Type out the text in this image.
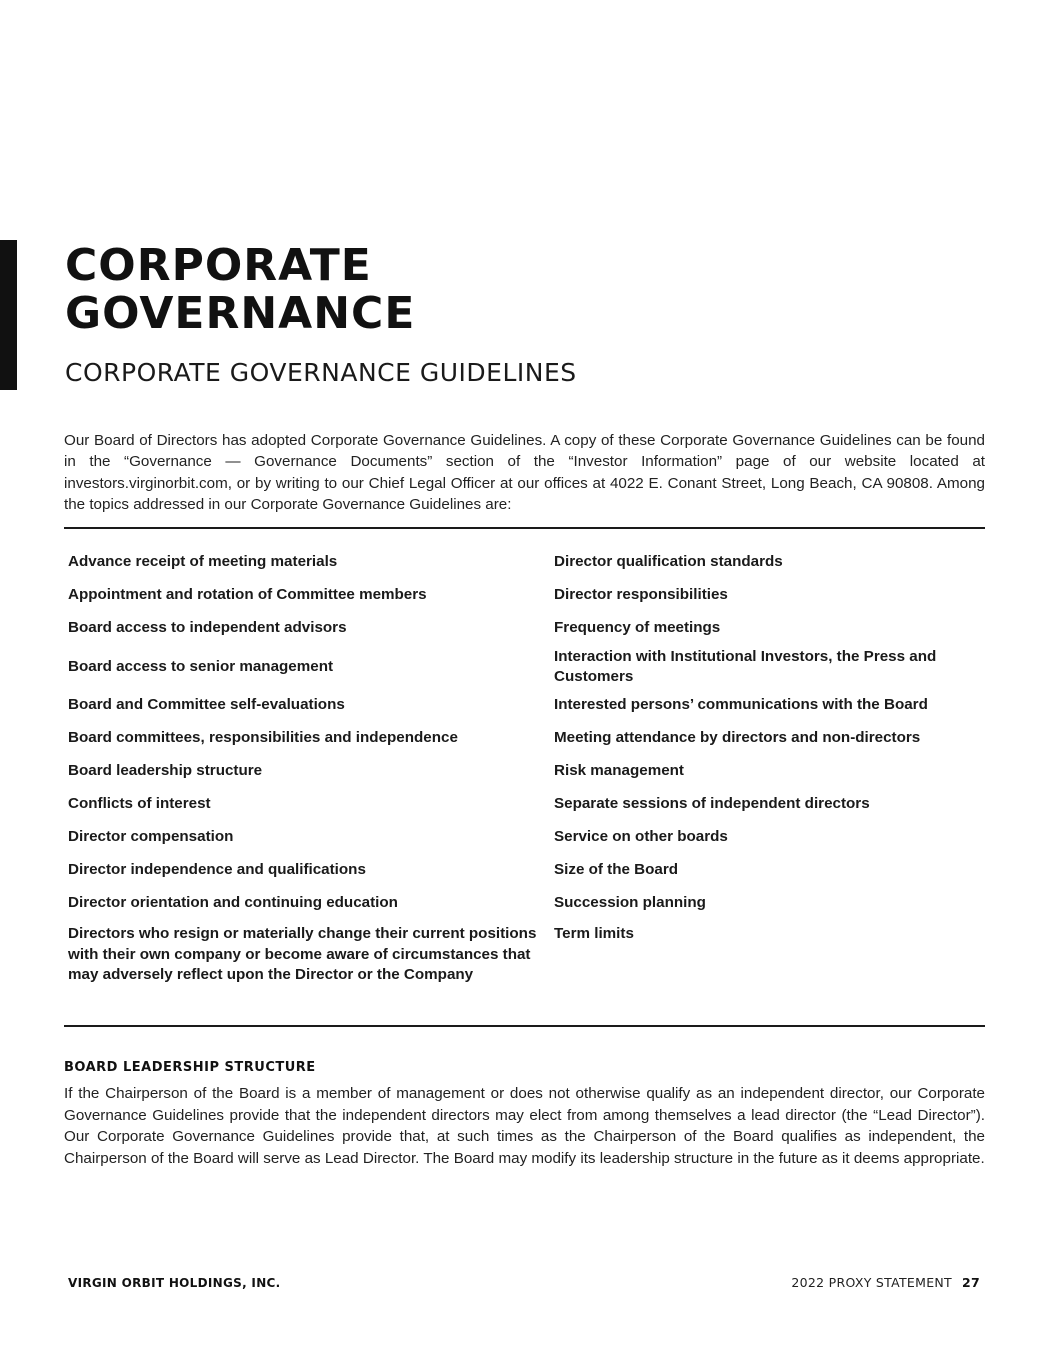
CORPORATE
GOVERNANCE
CORPORATE GOVERNANCE GUIDELINES

Our Board of Directors has adopted Corporate Governance Guidelines. A copy of these Corporate Governance Guidelines can be found in the “Governance — Governance Documents” section of the “Investor Information” page of our website located at investors.virginorbit.com, or by writing to our Chief Legal Officer at our offices at 4022 E. Conant Street, Long Beach, CA 90808. Among the topics addressed in our Corporate Governance Guidelines are:

Advance receipt of meeting materials	Director qualification standards
Appointment and rotation of Committee members	Director responsibilities
Board access to independent advisors	Frequency of meetings
Board access to senior management	Interaction with Institutional Investors, the Press and Customers
Board and Committee self-evaluations	Interested persons’ communications with the Board
Board committees, responsibilities and independence	Meeting attendance by directors and non-directors
Board leadership structure	Risk management
Conflicts of interest	Separate sessions of independent directors
Director compensation	Service on other boards
Director independence and qualifications	Size of the Board
Director orientation and continuing education	Succession planning
Directors who resign or materially change their current positions with their own company or become aware of circumstances that may adversely reflect upon the Director or the Company	Term limits
BOARD LEADERSHIP STRUCTURE

If the Chairperson of the Board is a member of management or does not otherwise qualify as an independent director, our Corporate Governance Guidelines provide that the independent directors may elect from among themselves a lead director (the “Lead Director”). Our Corporate Governance Guidelines provide that, at such times as the Chairperson of the Board qualifies as independent, the Chairperson of the Board will serve as Lead Director. The Board may modify its leadership structure in the future as it deems appropriate.

VIRGIN ORBIT HOLDINGS, INC.	2022 PROXY STATEMENT 27
